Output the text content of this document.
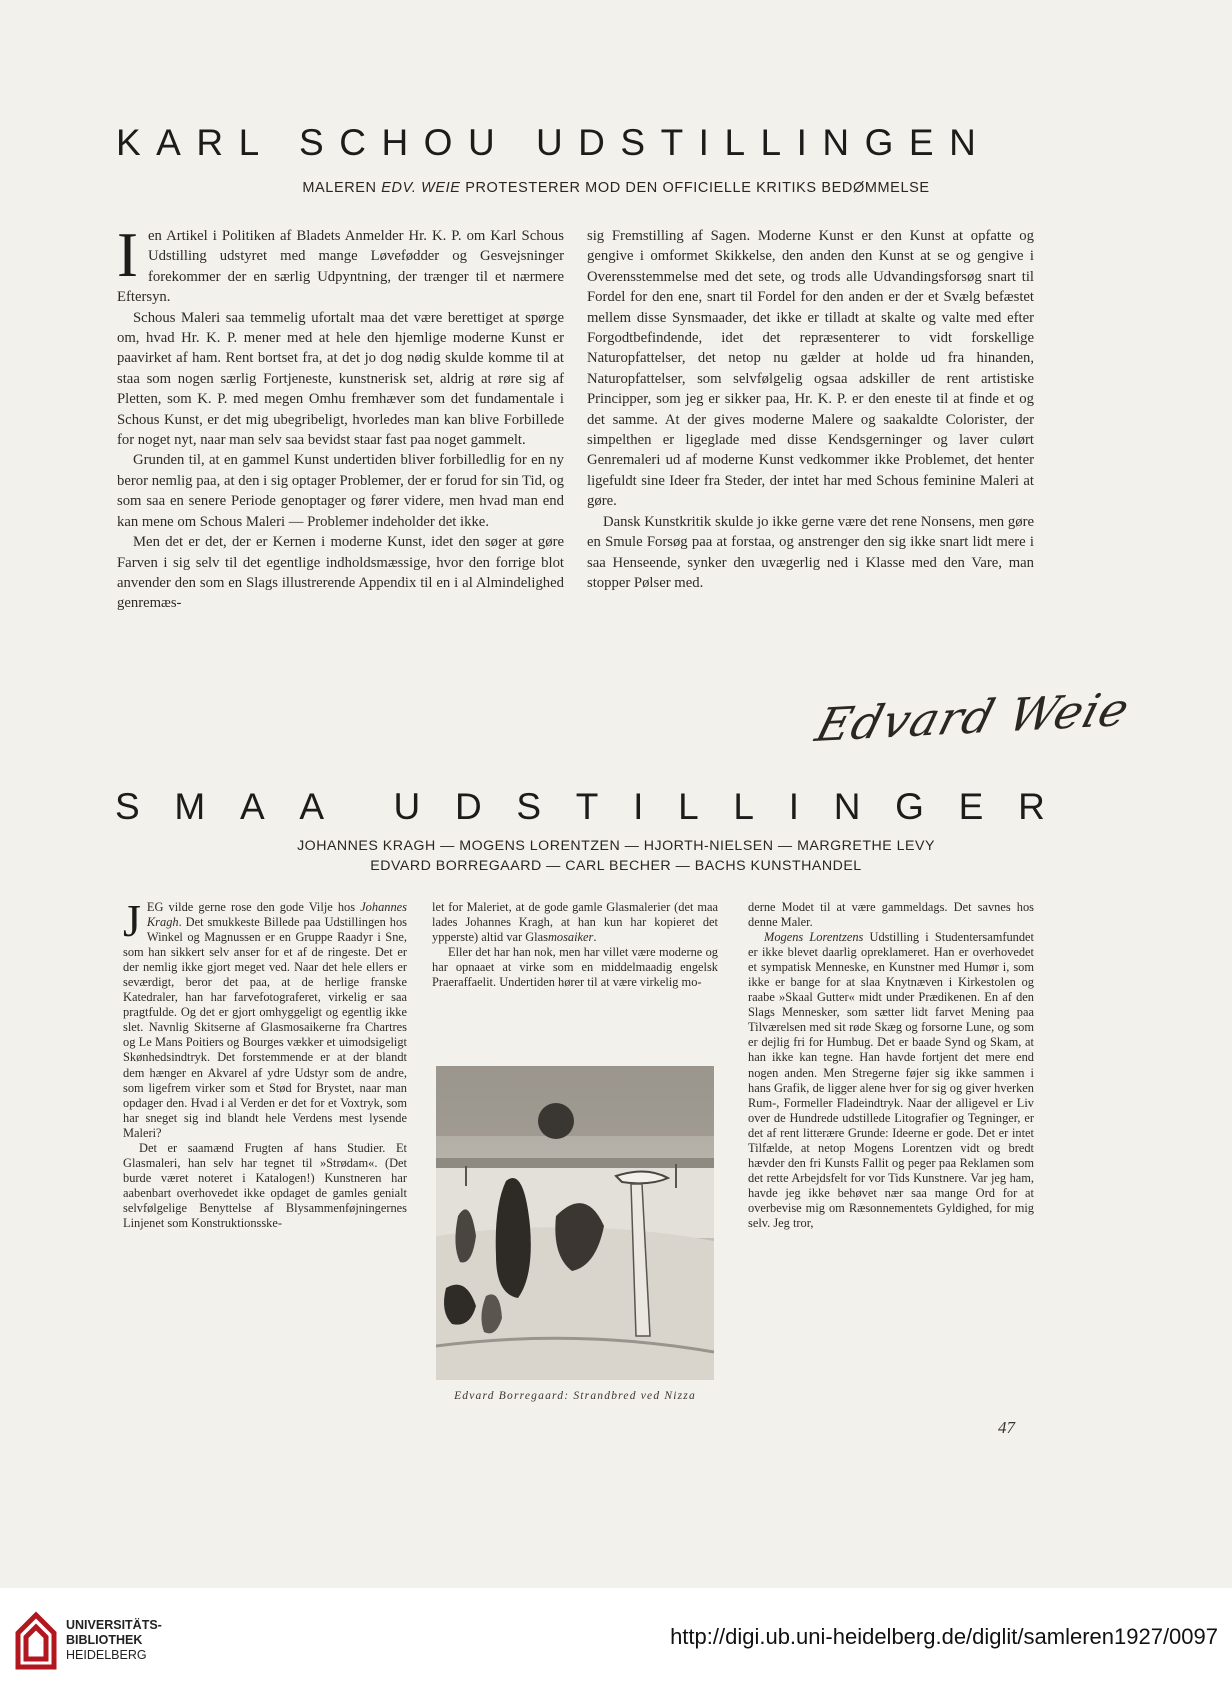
KARL SCHOU UDSTILLINGEN
MALEREN EDV. WEIE PROTESTERER MOD DEN OFFICIELLE KRITIKS BEDØMMELSE

Ien Artikel i Politiken af Bladets Anmelder Hr. K. P. om Karl Schous Udstilling udstyret med mange Løvefødder og Gesvejsninger forekommer der en særlig Udpyntning, der trænger til et nærmere Eftersyn.

Schous Maleri saa temmelig ufortalt maa det være berettiget at spørge om, hvad Hr. K. P. mener med at hele den hjemlige moderne Kunst er paavirket af ham. Rent bortset fra, at det jo dog nødig skulde komme til at staa som nogen særlig Fortjeneste, kunstnerisk set, aldrig at røre sig af Pletten, som K. P. med megen Omhu fremhæver som det fundamentale i Schous Kunst, er det mig ubegribeligt, hvorledes man kan blive Forbillede for noget nyt, naar man selv saa bevidst staar fast paa noget gammelt.

Grunden til, at en gammel Kunst undertiden bliver forbilledlig for en ny beror nemlig paa, at den i sig optager Problemer, der er forud for sin Tid, og som saa en senere Periode genoptager og fører videre, men hvad man end kan mene om Schous Maleri — Problemer indeholder det ikke.

Men det er det, der er Kernen i moderne Kunst, idet den søger at gøre Farven i sig selv til det egentlige indholdsmæssige, hvor den forrige blot anvender den som en Slags illustrerende Appendix til en i al Almindelighed genremæs-

sig Fremstilling af Sagen. Moderne Kunst er den Kunst at opfatte og gengive i omformet Skikkelse, den anden den Kunst at se og gengive i Overensstemmelse med det sete, og trods alle Udvandingsforsøg snart til Fordel for den ene, snart til Fordel for den anden er der et Svælg befæstet mellem disse Synsmaader, det ikke er tilladt at skalte og valte med efter Forgodtbefindende, idet det repræsenterer to vidt forskellige Naturopfattelser, det netop nu gælder at holde ud fra hinanden, Naturopfattelser, som selvfølgelig ogsaa adskiller de rent artistiske Principper, som jeg er sikker paa, Hr. K. P. er den eneste til at finde et og det samme. At der gives moderne Malere og saakaldte Colorister, der simpelthen er ligeglade med disse Kendsgerninger og laver culørt Genremaleri ud af moderne Kunst vedkommer ikke Problemet, det henter ligefuldt sine Ideer fra Steder, der intet har med Schous feminine Maleri at gøre.

Dansk Kunstkritik skulde jo ikke gerne være det rene Nonsens, men gøre en Smule Forsøg paa at forstaa, og anstrenger den sig ikke snart lidt mere i saa Henseende, synker den uvægerlig ned i Klasse med den Vare, man stopper Pølser med.

Edvard Weie
S M A A U D S T I L L I N G E R
JOHANNES KRAGH — MOGENS LORENTZEN — HJORTH-NIELSEN — MARGRETHE LEVY
EDVARD BORREGAARD — CARL BECHER — BACHS KUNSTHANDEL

JEG vilde gerne rose den gode Vilje hos Johannes Kragh. Det smukkeste Billede paa Udstillingen hos Winkel og Magnussen er en Gruppe Raadyr i Sne, som han sikkert selv anser for et af de ringeste. Det er der nemlig ikke gjort meget ved. Naar det hele ellers er seværdigt, beror det paa, at de herlige franske Katedraler, han har farvefotograferet, virkelig er saa pragtfulde. Og det er gjort omhyggeligt og egentlig ikke slet. Navnlig Skitserne af Glasmosaikerne fra Chartres og Le Mans Poitiers og Bourges vækker et uimodsigeligt Skønhedsindtryk. Det forstemmende er at der blandt dem hænger en Akvarel af ydre Udstyr som de andre, som ligefrem virker som et Stød for Brystet, naar man opdager den. Hvad i al Verden er det for et Voxtryk, som har sneget sig ind blandt hele Verdens mest lysende Maleri?

Det er saamænd Frugten af hans Studier. Et Glasmaleri, han selv har tegnet til »Strødam«. (Det burde været noteret i Katalogen!) Kunstneren har aabenbart overhovedet ikke opdaget de gamles genialt selvfølgelige Benyttelse af Blysammenføjningernes Linjenet som Konstruktionsske-

let for Maleriet, at de gode gamle Glasmalerier (det maa lades Johannes Kragh, at han kun har kopieret det ypperste) altid var Glasmosaiker.

Eller det har han nok, men har villet være moderne og har opnaaet at virke som en middelmaadig engelsk Praeraffaelit. Undertiden hører til at være virkelig mo-

derne Modet til at være gammeldags. Det savnes hos denne Maler.

Mogens Lorentzens Udstilling i Studentersamfundet er ikke blevet daarlig opreklameret. Han er overhovedet et sympatisk Menneske, en Kunstner med Humør i, som ikke er bange for at slaa Knytnæven i Kirkestolen og raabe »Skaal Gutter« midt under Prædikenen. En af den Slags Mennesker, som sætter lidt farvet Mening paa Tilværelsen med sit røde Skæg og forsorne Lune, og som er dejlig fri for Humbug. Det er baade Synd og Skam, at han ikke kan tegne. Han havde fortjent det mere end nogen anden. Men Stregerne føjer sig ikke sammen i hans Grafik, de ligger alene hver for sig og giver hverken Rum-, Formeller Fladeindtryk. Naar der alligevel er Liv over de Hundrede udstillede Litografier og Tegninger, er det af rent litterære Grunde: Ideerne er gode. Det er intet Tilfælde, at netop Mogens Lorentzen vidt og bredt hævder den fri Kunsts Fallit og peger paa Reklamen som det rette Arbejdsfelt for vor Tids Kunstnere. Var jeg ham, havde jeg ikke behøvet nær saa mange Ord for at overbevise mig om Ræsonnementets Gyldighed, for mig selv. Jeg tror,

Edvard Borregaard: Strandbred ved Nizza
47
UNIVERSITÄTS-
BIBLIOTHEK
HEIDELBERG
http://digi.ub.uni-heidelberg.de/diglit/samleren1927/0097
